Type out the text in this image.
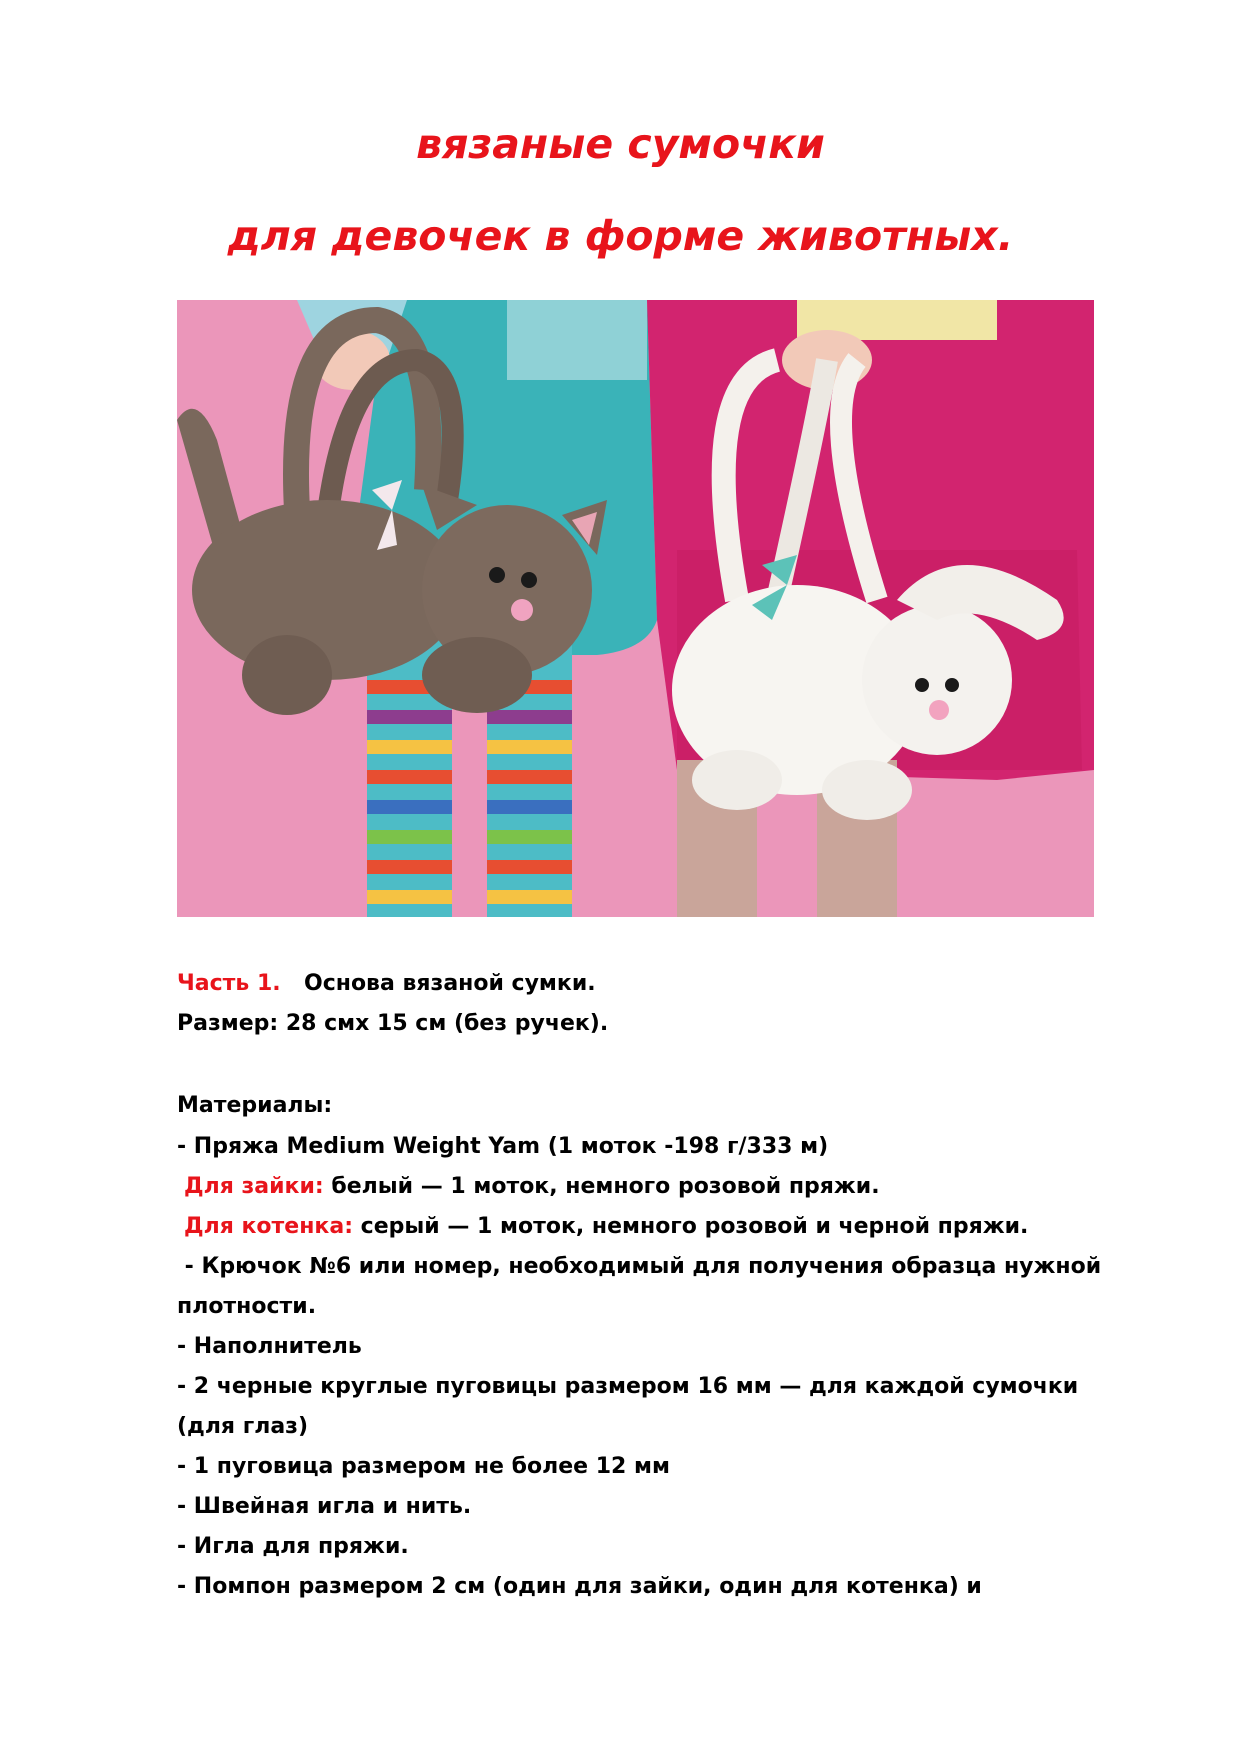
вязаные сумочки
для девочек в форме животных.
Часть 1. Основа вязаной сумки.
Размер: 28 смх 15 см (без ручек).
Материалы:
- Пряжа Medium Weight Yam (1 моток -198 г/333 м)
Для зайки: белый — 1 моток, немного розовой пряжи.
Для котенка: серый — 1 моток, немного розовой и черной пряжи.
- Крючок №6 или номер, необходимый для получения образца нужной
плотности.
- Наполнитель
- 2 черные круглые пуговицы размером 16 мм — для каждой сумочки
(для глаз)
- 1 пуговица размером не более 12 мм
- Швейная игла и нить.
- Игла для пряжи.
- Помпон размером 2 см (один для зайки, один для котенка) и
